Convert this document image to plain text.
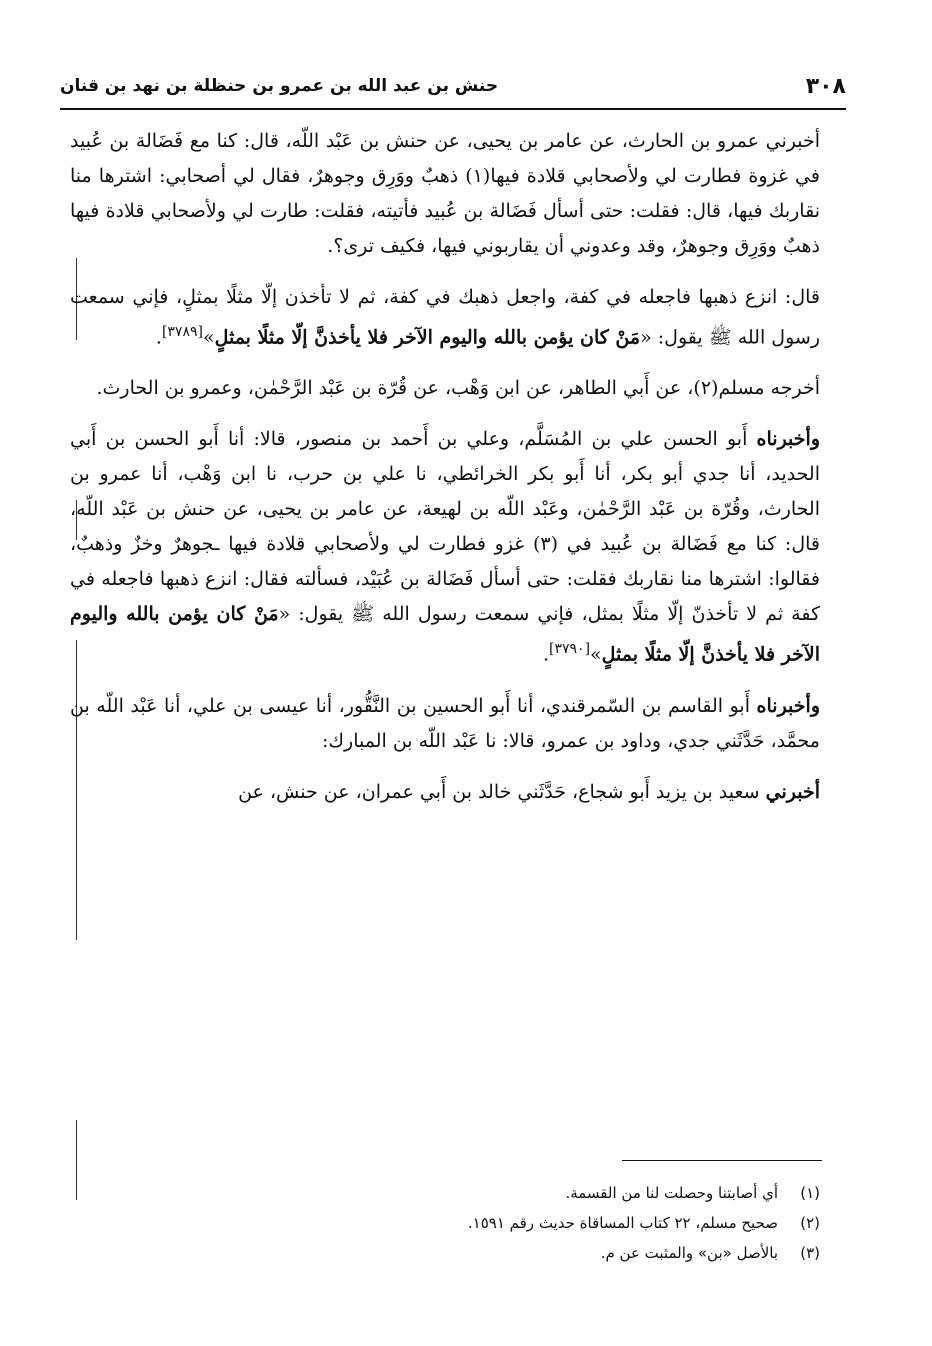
٣٠٨
حنش بن عبد الله بن عمرو بن حنظلة بن نهد بن قنان

أخبرني عمرو بن الحارث، عن عامر بن يحيى، عن حنش بن عَبْد اللّه، قال: كنا مع فَضَالة بن عُبيد في غزوة فطارت لي ولأصحابي قلادة فيها(١) ذهبٌ ووَرِق وجوهرٌ، فقال لي أصحابي: اشترها منا نقاربك فيها، قال: فقلت: حتى أسأل فَضَالة بن عُبيد فأتيته، فقلت: طارت لي ولأصحابي قلادة فيها ذهبٌ ووَرِق وجوهرٌ، وقد وعدوني أن يقاربوني فيها، فكيف ترى؟.

قال: انزع ذهبها فاجعله في كفة، واجعل ذهبك في كفة، ثم لا تأخذن إلّا مثلًا بمثلٍ، فإني سمعت رسول الله ﷺ يقول: «مَنْ كان يؤمن بالله واليوم الآخر فلا يأخذنَّ إلّا مثلًا بمثلٍ»[٣٧٨٩].

أخرجه مسلم(٢)، عن أَبي الطاهر، عن ابن وَهْب، عن قُرّة بن عَبْد الرَّحْمٰن، وعمرو بن الحارث.

وأخبرناه أَبو الحسن علي بن المُسَلَّم، وعلي بن أَحمد بن منصور، قالا: أنا أَبو الحسن بن أَبي الحديد، أنا جدي أبو بكر، أنا أَبو بكر الخرائطي، نا علي بن حرب، نا ابن وَهْب، أنا عمرو بن الحارث، وقُرّة بن عَبْد الرَّحْمٰن، وعَبْد اللّه بن لهيعة، عن عامر بن يحيى، عن حنش بن عَبْد اللّه، قال: كنا مع فَضَالة بن عُبيد في (٣) غزو فطارت لي ولأصحابي قلادة فيها ـجوهرٌ وخزٌ وذهبٌ، فقالوا: اشترها منا نقاربك فقلت: حتى أسأل فَضَالة بن عُبَيْد، فسألته فقال: انزع ذهبها فاجعله في كفة ثم لا تأخذنّ إلّا مثلًا بمثل، فإني سمعت رسول الله ﷺ يقول: «مَنْ كان يؤمن بالله واليوم الآخر فلا يأخذنَّ إلّا مثلًا بمثلٍ»[٣٧٩٠].

وأخبرناه أَبو القاسم بن السّمرقندي، أنا أَبو الحسين بن النَّقُّور، أنا عيسى بن علي، أنا عَبْد اللّه بن محمَّد، حَدَّثَني جدي، وداود بن عمرو، قالا: نا عَبْد اللّه بن المبارك:

أخبرني سعيد بن يزيد أَبو شجاع، حَدَّثَني خالد بن أَبي عمران، عن حنش، عن

(١)
أي أصابتنا وحصلت لنا من القسمة.
(٢)
صحيح مسلم، ٢٢ كتاب المساقاة حديث رقم ١٥٩١.
(٣)
بالأصل «بن» والمثبت عن م.
